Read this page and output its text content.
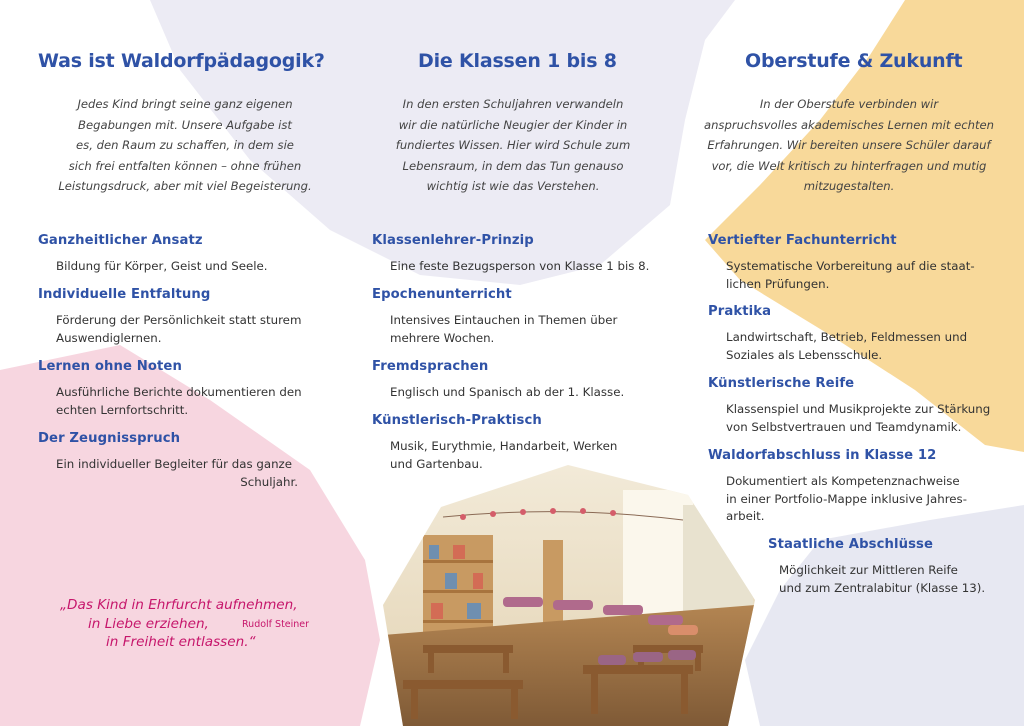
Was ist Waldorfpädagogik?
Jedes Kind bringt seine ganz eigenen
Begabungen mit. Unsere Aufgabe ist
es, den Raum zu schaffen, in dem sie
sich frei entfalten können – ohne frühen
Leistungsdruck, aber mit viel Begeisterung.
Ganzheitlicher Ansatz
Bildung für Körper, Geist und Seele.
Individuelle Entfaltung
Förderung der Persönlichkeit statt sturem
Auswendiglernen.
Lernen ohne Noten
Ausführliche Berichte dokumentieren den
echten Lernfortschritt.
Der Zeugnisspruch
Ein individueller Begleiter für das ganze
Schuljahr.

„Das Kind in Ehrfurcht aufnehmen,
in Liebe erziehen,
in Freiheit entlassen.“

Rudolf Steiner
Die Klassen 1 bis 8
In den ersten Schuljahren verwandeln
wir die natürliche Neugier der Kinder in
fundiertes Wissen. Hier wird Schule zum
Lebensraum, in dem das Tun genauso
wichtig ist wie das Verstehen.
Klassenlehrer-Prinzip
Eine feste Bezugsperson von Klasse 1 bis 8.
Epochenunterricht
Intensives Eintauchen in Themen über
mehrere Wochen.
Fremdsprachen
Englisch und Spanisch ab der 1. Klasse.
Künstlerisch-Praktisch
Musik, Eurythmie, Handarbeit, Werken
und Gartenbau.
Oberstufe & Zukunft
In der Oberstufe verbinden wir
anspruchsvolles akademisches Lernen mit echten
Erfahrungen. Wir bereiten unsere Schüler darauf
vor, die Welt kritisch zu hinterfragen und mutig
mitzugestalten.
Vertiefter Fachunterricht
Systematische Vorbereitung auf die staat-
lichen Prüfungen.
Praktika
Landwirtschaft, Betrieb, Feldmessen und
Soziales als Lebensschule.
Künstlerische Reife
Klassenspiel und Musikprojekte zur Stärkung
von Selbstvertrauen und Teamdynamik.
Waldorfabschluss in Klasse 12
Dokumentiert als Kompetenznachweise
in einer Portfolio-Mappe inklusive Jahres-
arbeit.
Staatliche Abschlüsse
Möglichkeit zur Mittleren Reife
und zum Zentralabitur (Klasse 13).
